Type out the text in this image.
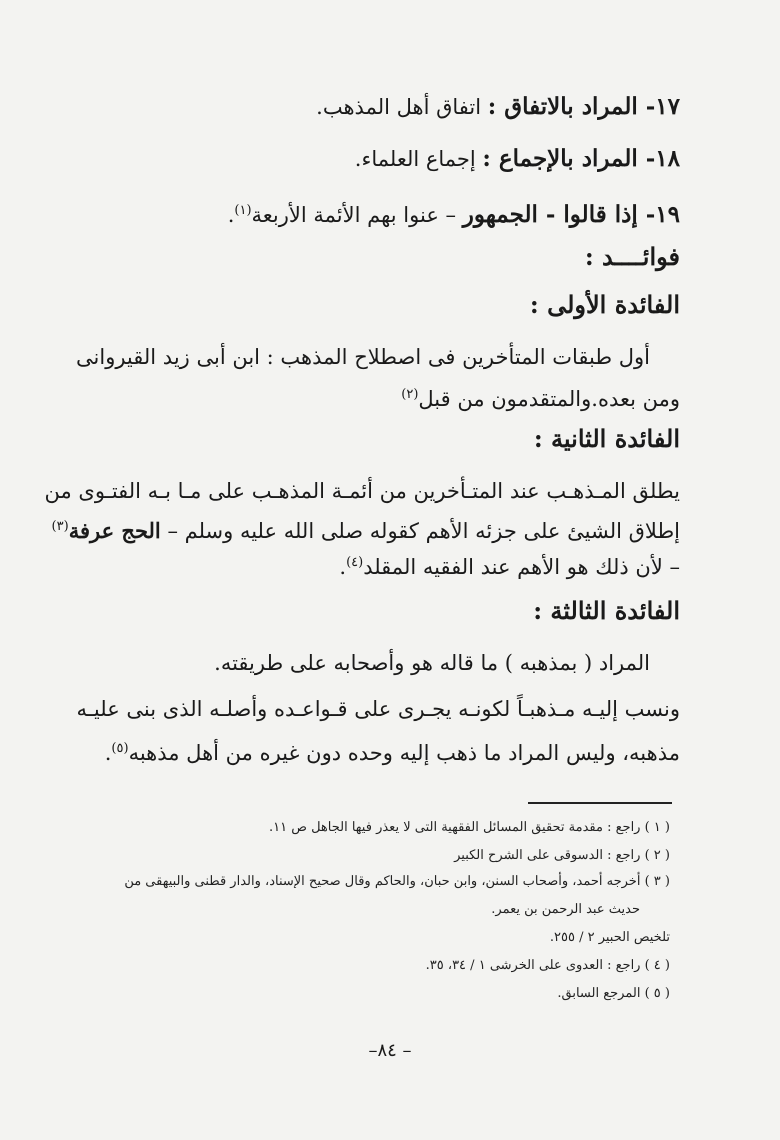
١٧- المراد بالاتفاق : اتفاق أهل المذهب.
١٨- المراد بالإجماع : إجماع العلماء.
١٩- إذا قالوا - الجمهور – عنوا بهم الأئمة الأربعة$^{(١)}$.
فوائــــد :
الفائدة الأولى :
أول طبقات المتأخرين فى اصطلاح المذهب : ابن أبى زيد القيروانى
ومن بعده.والمتقدمون من قبل$^{(٢)}$
الفائدة الثانية :
يطلق المـذهـب عند المتـأخرين من أئمـة المذهـب على مـا بـه الفتـوى من
إطلاق الشيئ على جزئه الأهم كقوله صلى الله عليه وسلم – الحج عرفة$^{(٣)}$
– لأن ذلك هو الأهم عند الفقيه المقلد$^{(٤)}$.
الفائدة الثالثة :
المراد ( بمذهبه ) ما قاله هو وأصحابه على طريقته.
ونسب إليـه مـذهبـاً لكونـه يجـرى على قـواعـده وأصلـه الذى بنى عليـه
مذهبه، وليس المراد ما ذهب إليه وحده دون غيره من أهل مذهبه$^{(٥)}$.
( ١ ) راجع : مقدمة تحقيق المسائل الفقهية التى لا يعذر فيها الجاهل ص ١١.
( ٢ ) راجع : الدسوقى على الشرح الكبير
( ٣ ) أخرجه أحمد، وأصحاب السنن، وابن حبان، والحاكم وقال صحيح الإسناد، والدار قطنى والبيهقى من
حديث عبد الرحمن بن يعمر.
تلخيص الحبير ٢ / ٢٥٥.
( ٤ ) راجع : العدوى على الخرشى ١ / ٣٤، ٣٥.
( ٥ ) المرجع السابق.
–٨٤ –
